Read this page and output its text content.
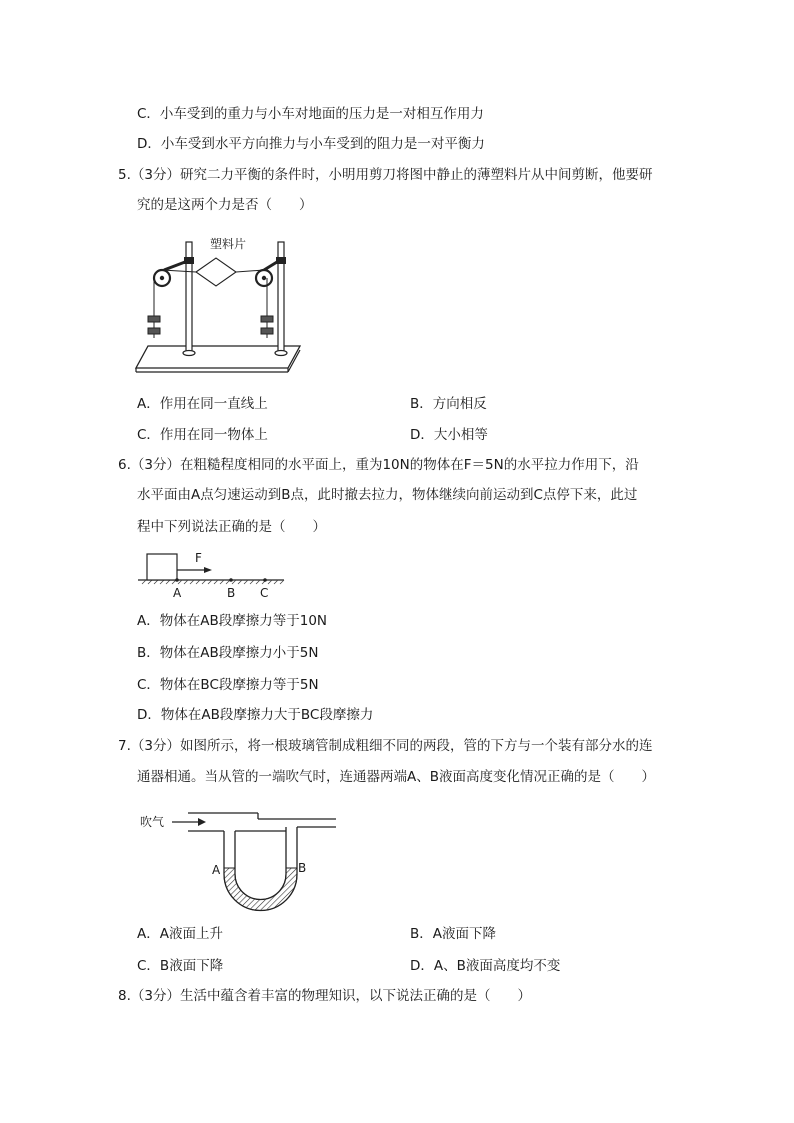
C．小车受到的重力与小车对地面的压力是一对相互作用力
D．小车受到水平方向推力与小车受到的阻力是一对平衡力
5.（3分）研究二力平衡的条件时，小明用剪刀将图中静止的薄塑料片从中间剪断，他要研
究的是这两个力是否（　　）
塑料片
A．作用在同一直线上	B．方向相反
C．作用在同一物体上	D．大小相等
6.（3分）在粗糙程度相同的水平面上，重为10N的物体在F＝5N的水平拉力作用下，沿
水平面由A点匀速运动到B点，此时撤去拉力，物体继续向前运动到C点停下来，此过
程中下列说法正确的是（　　）
F
A	B C
A．物体在AB段摩擦力等于10N
B．物体在AB段摩擦力小于5N
C．物体在BC段摩擦力等于5N
D．物体在AB段摩擦力大于BC段摩擦力
7.（3分）如图所示，将一根玻璃管制成粗细不同的两段，管的下方与一个装有部分水的连
通器相通。当从管的一端吹气时，连通器两端A、B液面高度变化情况正确的是（　　）
吹气
A	B
A．A液面上升	B．A液面下降
C．B液面下降	D．A、B液面高度均不变
8.（3分）生活中蕴含着丰富的物理知识，以下说法正确的是（　　）
